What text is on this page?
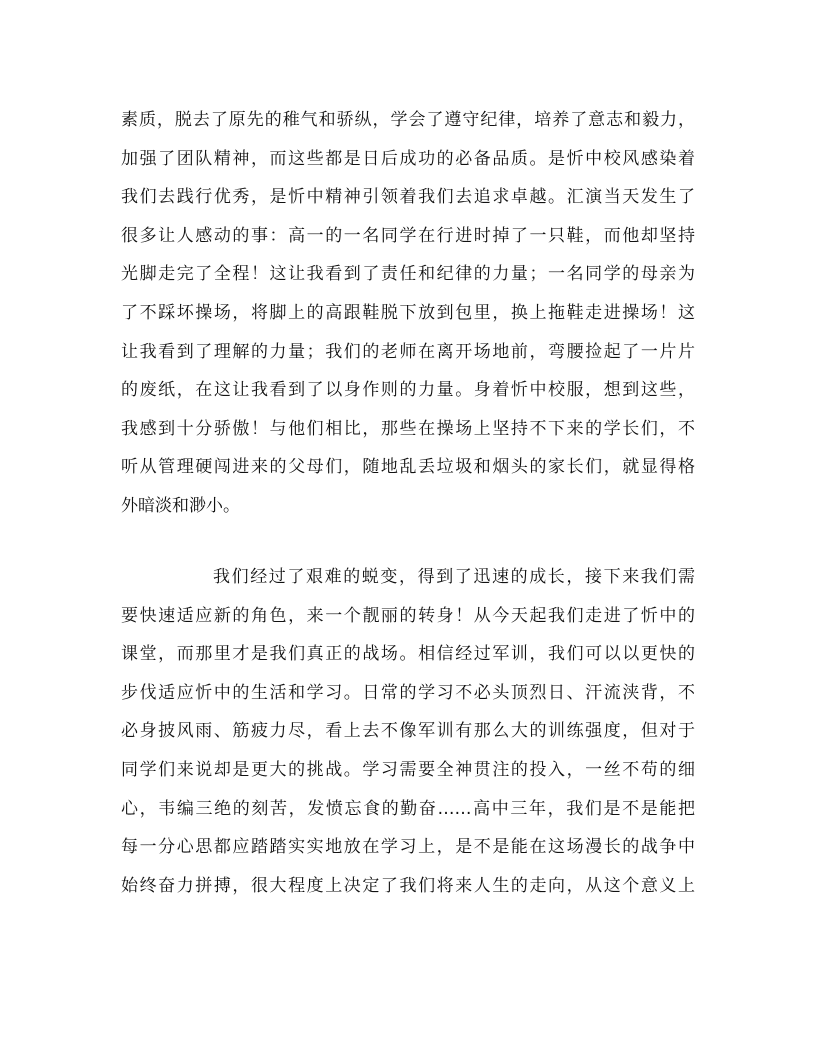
素质，脱去了原先的稚气和骄纵，学会了遵守纪律，培养了意志和毅力，
加强了团队精神，而这些都是日后成功的必备品质。是忻中校风感染着
我们去践行优秀，是忻中精神引领着我们去追求卓越。汇演当天发生了
很多让人感动的事：高一的一名同学在行进时掉了一只鞋，而他却坚持
光脚走完了全程！这让我看到了责任和纪律的力量；一名同学的母亲为
了不踩坏操场，将脚上的高跟鞋脱下放到包里，换上拖鞋走进操场！这
让我看到了理解的力量；我们的老师在离开场地前，弯腰捡起了一片片
的废纸，在这让我看到了以身作则的力量。身着忻中校服，想到这些，
我感到十分骄傲！与他们相比，那些在操场上坚持不下来的学长们，不
听从管理硬闯进来的父母们，随地乱丢垃圾和烟头的家长们，就显得格
外暗淡和渺小。
我们经过了艰难的蜕变，得到了迅速的成长，接下来我们需
要快速适应新的角色，来一个靓丽的转身！从今天起我们走进了忻中的
课堂，而那里才是我们真正的战场。相信经过军训，我们可以以更快的
步伐适应忻中的生活和学习。日常的学习不必头顶烈日、汗流浃背，不
必身披风雨、筋疲力尽，看上去不像军训有那么大的训练强度，但对于
同学们来说却是更大的挑战。学习需要全神贯注的投入，一丝不苟的细
心，韦编三绝的刻苦，发愤忘食的勤奋……高中三年，我们是不是能把
每一分心思都应踏踏实实地放在学习上，是不是能在这场漫长的战争中
始终奋力拼搏，很大程度上决定了我们将来人生的走向，从这个意义上
